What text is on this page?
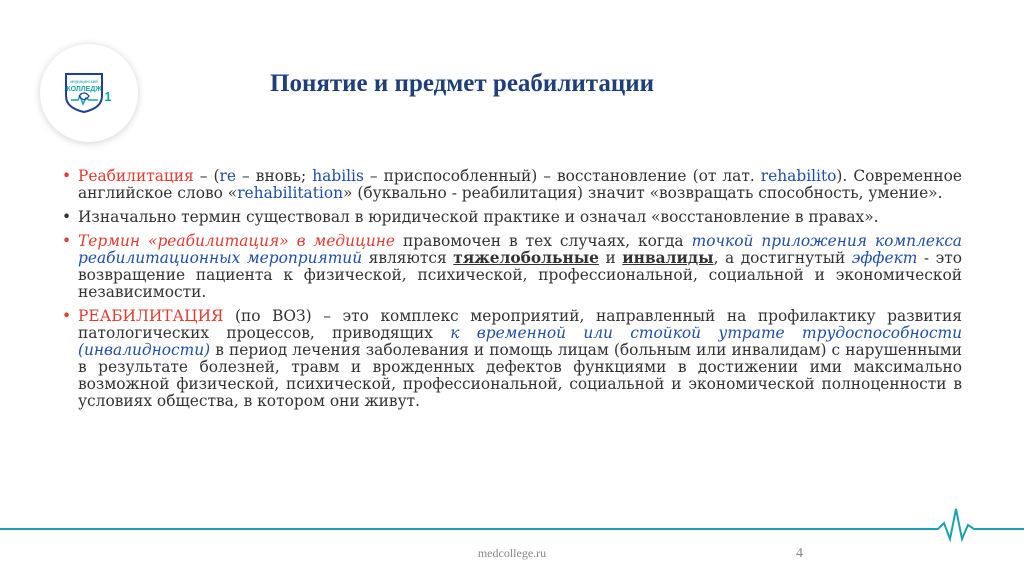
медицинский
КОЛЛЕДЖ 1	Понятие и предмет реабилитации
• Реабилитация – (re – вновь; habilis – приспособленный) – восстановление (от лат. rehabilito). Современное английское слово «rehabilitation» (буквально - реабилитация) значит «возвращать способность, умение».
• Изначально термин существовал в юридической практике и означал «восстановление в правах».
• Термин «реабилитация» в медицине правомочен в тех случаях, когда точкой приложения комплекса реабилитационных мероприятий являются тяжелобольные и инвалиды, а достигнутый эффект - это возвращение пациента к физической, психической, профессиональной, социальной и экономической независимости.
• РЕАБИЛИТАЦИЯ (по ВОЗ) – это комплекс мероприятий, направленный на профилактику развития патологических процессов, приводящих к временной или стойкой утрате трудоспособности (инвалидности) в период лечения заболевания и помощь лицам (больным или инвалидам) с нарушенными в результате болезней, травм и врожденных дефектов функциями в достижении ими максимально возможной физической, психической, профессиональной, социальной и экономической полноценности в условиях общества, в котором они живут.
medcollege.ru	4
